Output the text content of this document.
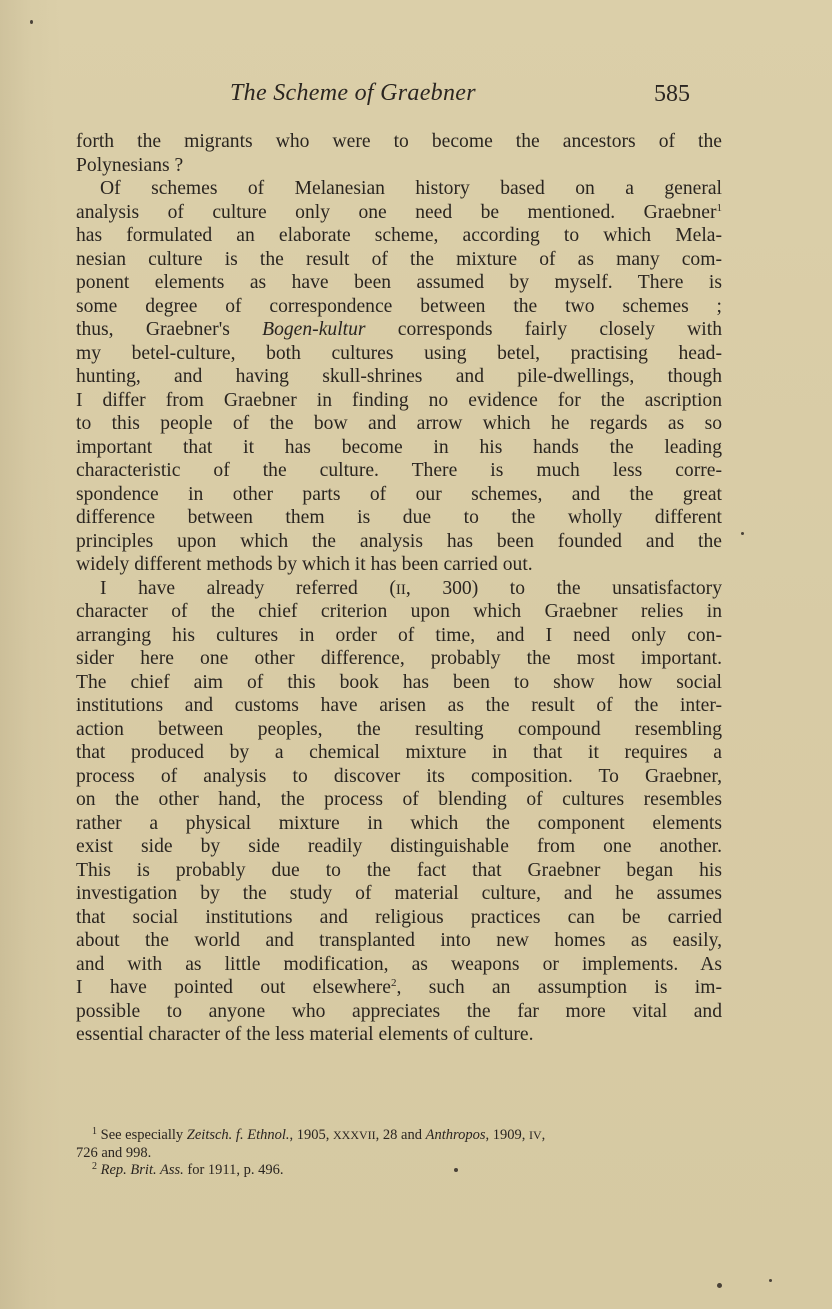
The Scheme of Graebner	585

forth the migrants who were to become the ancestors of the
Polynesians ?

Of schemes of Melanesian history based on a general
analysis of culture only one need be mentioned. Graebner$^1$
has formulated an elaborate scheme, according to which Mela-
nesian culture is the result of the mixture of as many com-
ponent elements as have been assumed by myself. There is
some degree of correspondence between the two schemes ;
thus, Graebner's Bogen-kultur corresponds fairly closely with
my betel-culture, both cultures using betel, practising head-
hunting, and having skull-shrines and pile-dwellings, though
I differ from Graebner in finding no evidence for the ascription
to this people of the bow and arrow which he regards as so
important that it has become in his hands the leading
characteristic of the culture. There is much less corre-
spondence in other parts of our schemes, and the great
difference between them is due to the wholly different
principles upon which the analysis has been founded and the
widely different methods by which it has been carried out.

I have already referred (II, 300) to the unsatisfactory
character of the chief criterion upon which Graebner relies in
arranging his cultures in order of time, and I need only con-
sider here one other difference, probably the most important.
The chief aim of this book has been to show how social
institutions and customs have arisen as the result of the inter-
action between peoples, the resulting compound resembling
that produced by a chemical mixture in that it requires a
process of analysis to discover its composition. To Graebner,
on the other hand, the process of blending of cultures resembles
rather a physical mixture in which the component elements
exist side by side readily distinguishable from one another.
This is probably due to the fact that Graebner began his
investigation by the study of material culture, and he assumes
that social institutions and religious practices can be carried
about the world and transplanted into new homes as easily,
and with as little modification, as weapons or implements. As
I have pointed out elsewhere$^2$, such an assumption is im-
possible to anyone who appreciates the far more vital and
essential character of the less material elements of culture.

$^1$ See especially Zeitsch. f. Ethnol., 1905, XXXVII, 28 and Anthropos, 1909, IV,
726 and 998.
$^2$ Rep. Brit. Ass. for 1911, p. 496.
